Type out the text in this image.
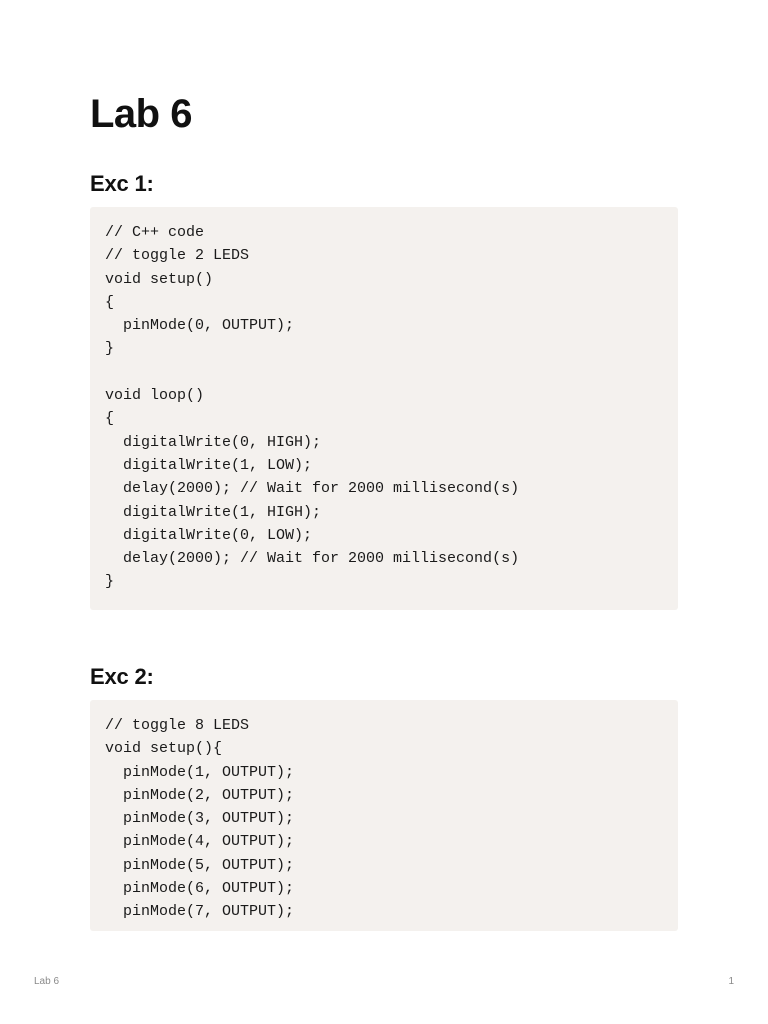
Lab 6
Exc 1:
// C++ code
// toggle 2 LEDS
void setup()
{
pinMode(0, OUTPUT);
}
void loop()
{
digitalWrite(0, HIGH);
digitalWrite(1, LOW);
delay(2000); // Wait for 2000 millisecond(s)
digitalWrite(1, HIGH);
digitalWrite(0, LOW);
delay(2000); // Wait for 2000 millisecond(s)
}
Exc 2:
// toggle 8 LEDS
void setup(){
pinMode(1, OUTPUT);
pinMode(2, OUTPUT);
pinMode(3, OUTPUT);
pinMode(4, OUTPUT);
pinMode(5, OUTPUT);
pinMode(6, OUTPUT);
pinMode(7, OUTPUT);
Lab 6	1
